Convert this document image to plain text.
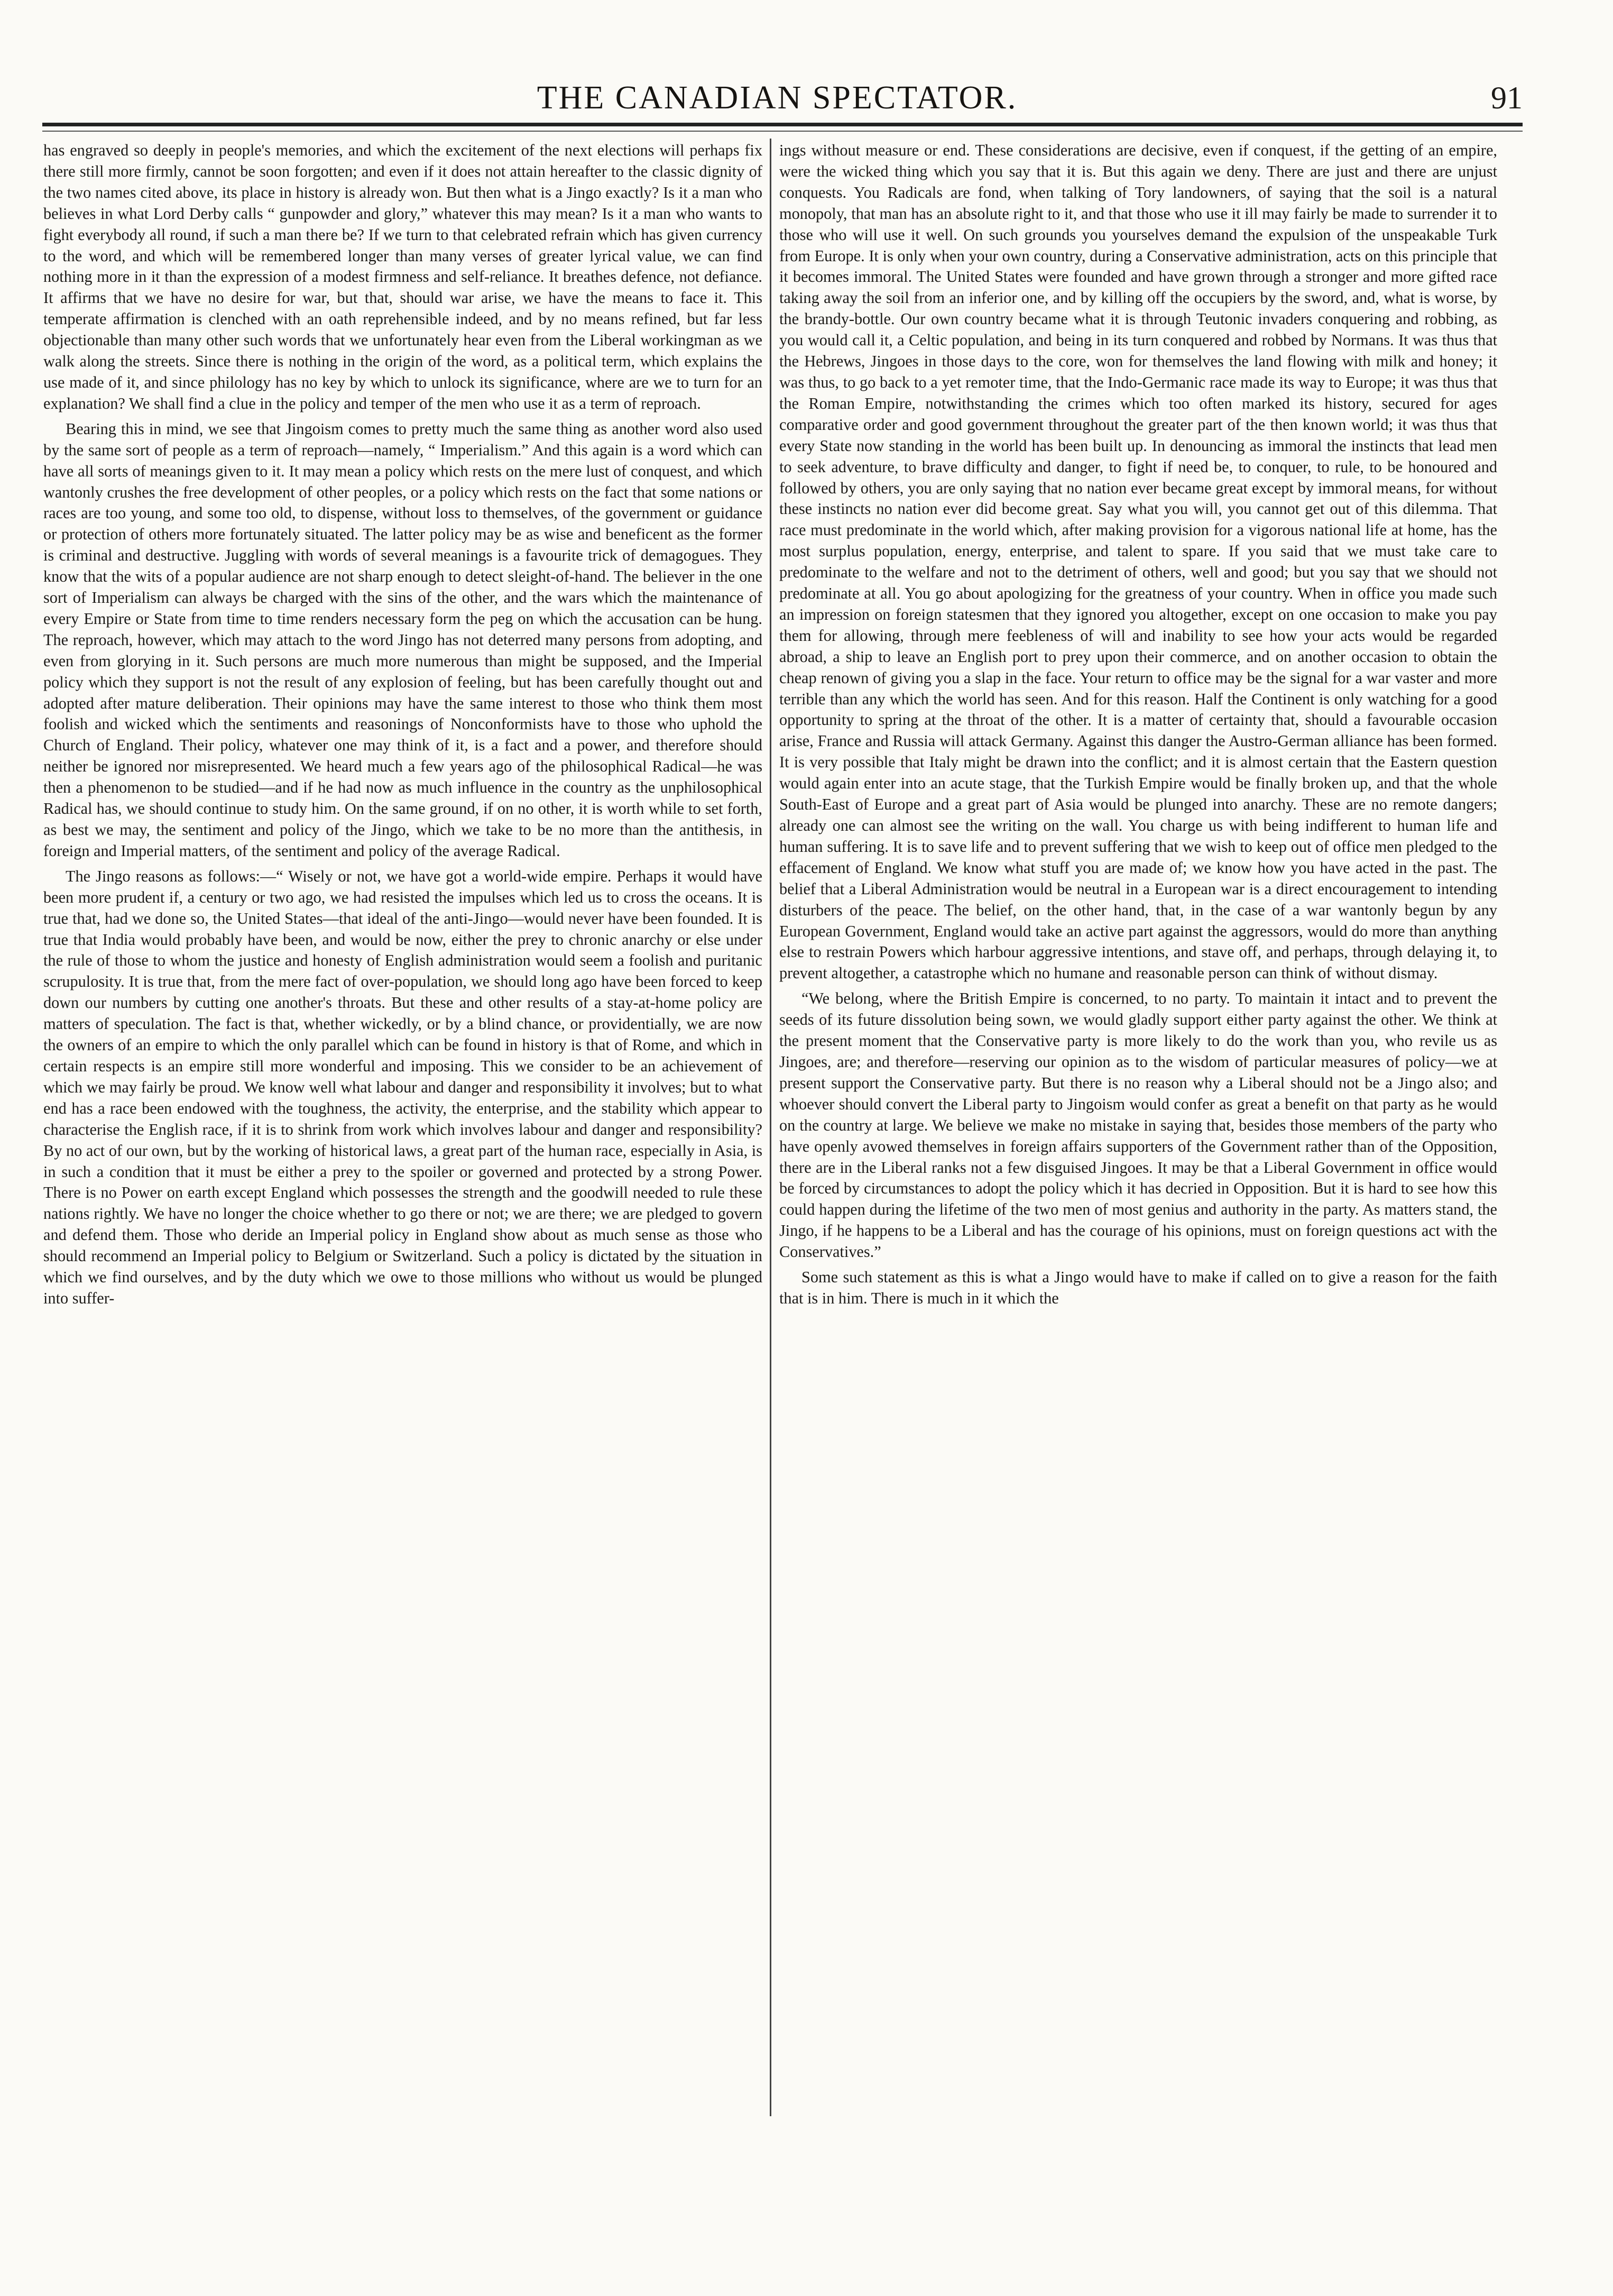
THE CANADIAN SPECTATOR.	91

has engraved so deeply in people's memories, and which the excitement of the next elections will perhaps fix there still more firmly, cannot be soon forgotten; and even if it does not attain hereafter to the classic dignity of the two names cited above, its place in history is already won. But then what is a Jingo exactly? Is it a man who believes in what Lord Derby calls “ gunpowder and glory,” whatever this may mean? Is it a man who wants to fight everybody all round, if such a man there be? If we turn to that celebrated refrain which has given currency to the word, and which will be remembered longer than many verses of greater lyrical value, we can find nothing more in it than the expression of a modest firmness and self-reliance. It breathes defence, not defiance. It affirms that we have no desire for war, but that, should war arise, we have the means to face it. This temperate affirmation is clenched with an oath reprehensible indeed, and by no means refined, but far less objectionable than many other such words that we unfortunately hear even from the Liberal workingman as we walk along the streets. Since there is nothing in the origin of the word, as a political term, which explains the use made of it, and since philology has no key by which to unlock its significance, where are we to turn for an explanation? We shall find a clue in the policy and temper of the men who use it as a term of reproach.

Bearing this in mind, we see that Jingoism comes to pretty much the same thing as another word also used by the same sort of people as a term of reproach—namely, “ Imperialism.” And this again is a word which can have all sorts of meanings given to it. It may mean a policy which rests on the mere lust of conquest, and which wantonly crushes the free development of other peoples, or a policy which rests on the fact that some nations or races are too young, and some too old, to dispense, without loss to themselves, of the government or guidance or protection of others more fortunately situated. The latter policy may be as wise and beneficent as the former is criminal and destructive. Juggling with words of several meanings is a favourite trick of demagogues. They know that the wits of a popular audience are not sharp enough to detect sleight-of-hand. The believer in the one sort of Imperialism can always be charged with the sins of the other, and the wars which the maintenance of every Empire or State from time to time renders necessary form the peg on which the accusation can be hung. The reproach, however, which may attach to the word Jingo has not deterred many persons from adopting, and even from glorying in it. Such persons are much more numerous than might be supposed, and the Imperial policy which they support is not the result of any explosion of feeling, but has been carefully thought out and adopted after mature deliberation. Their opinions may have the same interest to those who think them most foolish and wicked which the sentiments and reasonings of Nonconformists have to those who uphold the Church of England. Their policy, whatever one may think of it, is a fact and a power, and therefore should neither be ignored nor misrepresented. We heard much a few years ago of the philosophical Radical—he was then a phenomenon to be studied—and if he had now as much influence in the country as the unphilosophical Radical has, we should continue to study him. On the same ground, if on no other, it is worth while to set forth, as best we may, the sentiment and policy of the Jingo, which we take to be no more than the antithesis, in foreign and Imperial matters, of the sentiment and policy of the average Radical.

The Jingo reasons as follows:—“ Wisely or not, we have got a world-wide empire. Perhaps it would have been more prudent if, a century or two ago, we had resisted the impulses which led us to cross the oceans. It is true that, had we done so, the United States—that ideal of the anti-Jingo—would never have been founded. It is true that India would probably have been, and would be now, either the prey to chronic anarchy or else under the rule of those to whom the justice and honesty of English administration would seem a foolish and puritanic scrupulosity. It is true that, from the mere fact of over-population, we should long ago have been forced to keep down our numbers by cutting one another's throats. But these and other results of a stay-at-home policy are matters of speculation. The fact is that, whether wickedly, or by a blind chance, or providentially, we are now the owners of an empire to which the only parallel which can be found in history is that of Rome, and which in certain respects is an empire still more wonderful and imposing. This we consider to be an achievement of which we may fairly be proud. We know well what labour and danger and responsibility it involves; but to what end has a race been endowed with the toughness, the activity, the enterprise, and the stability which appear to characterise the English race, if it is to shrink from work which involves labour and danger and responsibility? By no act of our own, but by the working of historical laws, a great part of the human race, especially in Asia, is in such a condition that it must be either a prey to the spoiler or governed and protected by a strong Power. There is no Power on earth except England which possesses the strength and the goodwill needed to rule these nations rightly. We have no longer the choice whether to go there or not; we are there; we are pledged to govern and defend them. Those who deride an Imperial policy in England show about as much sense as those who should recommend an Imperial policy to Belgium or Switzerland. Such a policy is dictated by the situation in which we find ourselves, and by the duty which we owe to those millions who without us would be plunged into suffer-

ings without measure or end. These considerations are decisive, even if conquest, if the getting of an empire, were the wicked thing which you say that it is. But this again we deny. There are just and there are unjust conquests. You Radicals are fond, when talking of Tory landowners, of saying that the soil is a natural monopoly, that man has an absolute right to it, and that those who use it ill may fairly be made to surrender it to those who will use it well. On such grounds you yourselves demand the expulsion of the unspeakable Turk from Europe. It is only when your own country, during a Conservative administration, acts on this principle that it becomes immoral. The United States were founded and have grown through a stronger and more gifted race taking away the soil from an inferior one, and by killing off the occupiers by the sword, and, what is worse, by the brandy-bottle. Our own country became what it is through Teutonic invaders conquering and robbing, as you would call it, a Celtic population, and being in its turn conquered and robbed by Normans. It was thus that the Hebrews, Jingoes in those days to the core, won for themselves the land flowing with milk and honey; it was thus, to go back to a yet remoter time, that the Indo-Germanic race made its way to Europe; it was thus that the Roman Empire, notwithstanding the crimes which too often marked its history, secured for ages comparative order and good government throughout the greater part of the then known world; it was thus that every State now standing in the world has been built up. In denouncing as immoral the instincts that lead men to seek adventure, to brave difficulty and danger, to fight if need be, to conquer, to rule, to be honoured and followed by others, you are only saying that no nation ever became great except by immoral means, for without these instincts no nation ever did become great. Say what you will, you cannot get out of this dilemma. That race must predominate in the world which, after making provision for a vigorous national life at home, has the most surplus population, energy, enterprise, and talent to spare. If you said that we must take care to predominate to the welfare and not to the detriment of others, well and good; but you say that we should not predominate at all. You go about apologizing for the greatness of your country. When in office you made such an impression on foreign statesmen that they ignored you altogether, except on one occasion to make you pay them for allowing, through mere feebleness of will and inability to see how your acts would be regarded abroad, a ship to leave an English port to prey upon their commerce, and on another occasion to obtain the cheap renown of giving you a slap in the face. Your return to office may be the signal for a war vaster and more terrible than any which the world has seen. And for this reason. Half the Continent is only watching for a good opportunity to spring at the throat of the other. It is a matter of certainty that, should a favourable occasion arise, France and Russia will attack Germany. Against this danger the Austro-German alliance has been formed. It is very possible that Italy might be drawn into the conflict; and it is almost certain that the Eastern question would again enter into an acute stage, that the Turkish Empire would be finally broken up, and that the whole South-East of Europe and a great part of Asia would be plunged into anarchy. These are no remote dangers; already one can almost see the writing on the wall. You charge us with being indifferent to human life and human suffering. It is to save life and to prevent suffering that we wish to keep out of office men pledged to the effacement of England. We know what stuff you are made of; we know how you have acted in the past. The belief that a Liberal Administration would be neutral in a European war is a direct encouragement to intending disturbers of the peace. The belief, on the other hand, that, in the case of a war wantonly begun by any European Government, England would take an active part against the aggressors, would do more than anything else to restrain Powers which harbour aggressive intentions, and stave off, and perhaps, through delaying it, to prevent altogether, a catastrophe which no humane and reasonable person can think of without dismay.

“We belong, where the British Empire is concerned, to no party. To maintain it intact and to prevent the seeds of its future dissolution being sown, we would gladly support either party against the other. We think at the present moment that the Conservative party is more likely to do the work than you, who revile us as Jingoes, are; and therefore—reserving our opinion as to the wisdom of particular measures of policy—we at present support the Conservative party. But there is no reason why a Liberal should not be a Jingo also; and whoever should convert the Liberal party to Jingoism would confer as great a benefit on that party as he would on the country at large. We believe we make no mistake in saying that, besides those members of the party who have openly avowed themselves in foreign affairs supporters of the Government rather than of the Opposition, there are in the Liberal ranks not a few disguised Jingoes. It may be that a Liberal Government in office would be forced by circumstances to adopt the policy which it has decried in Opposition. But it is hard to see how this could happen during the lifetime of the two men of most genius and authority in the party. As matters stand, the Jingo, if he happens to be a Liberal and has the courage of his opinions, must on foreign questions act with the Conservatives.”

Some such statement as this is what a Jingo would have to make if called on to give a reason for the faith that is in him. There is much in it which the
